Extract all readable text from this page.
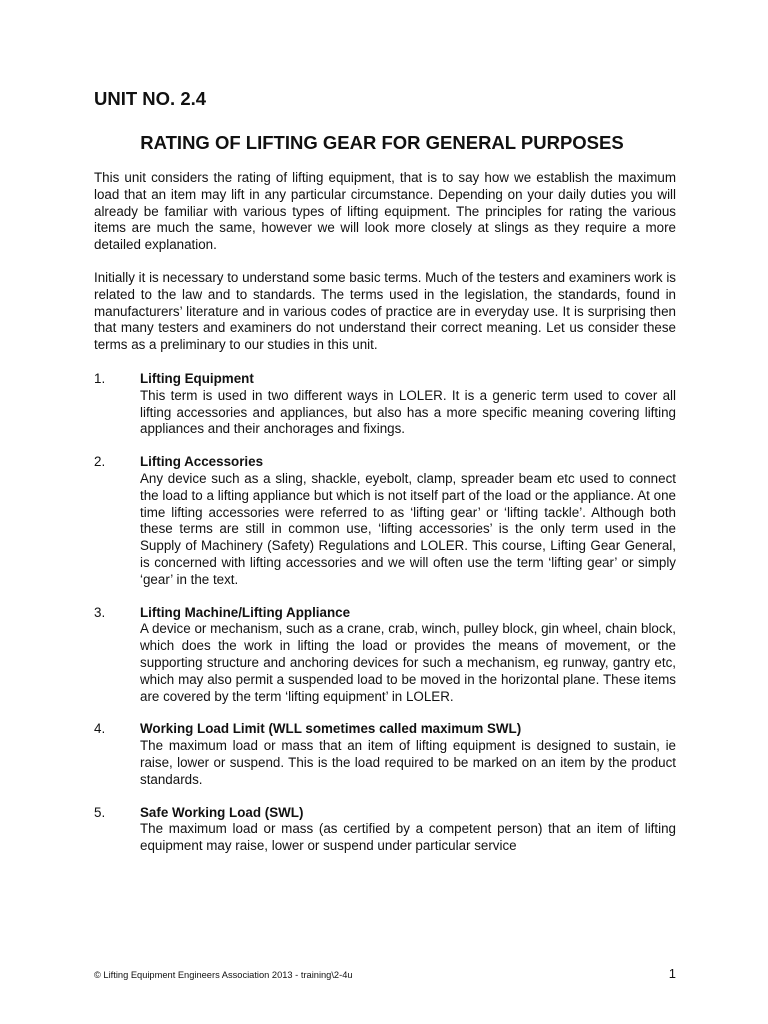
UNIT NO. 2.4
RATING OF LIFTING GEAR FOR GENERAL PURPOSES

This unit considers the rating of lifting equipment, that is to say how we establish the maximum load that an item may lift in any particular circumstance. Depending on your daily duties you will already be familiar with various types of lifting equipment. The principles for rating the various items are much the same, however we will look more closely at slings as they require a more detailed explanation.

Initially it is necessary to understand some basic terms. Much of the testers and examiners work is related to the law and to standards. The terms used in the legislation, the standards, found in manufacturers’ literature and in various codes of practice are in everyday use. It is surprising then that many testers and examiners do not understand their correct meaning. Let us consider these terms as a preliminary to our studies in this unit.

1.	Lifting Equipment
This term is used in two different ways in LOLER. It is a generic term used to cover all lifting accessories and appliances, but also has a more specific meaning covering lifting appliances and their anchorages and fixings.
2.	Lifting Accessories
Any device such as a sling, shackle, eyebolt, clamp, spreader beam etc used to connect the load to a lifting appliance but which is not itself part of the load or the appliance. At one time lifting accessories were referred to as ‘lifting gear’ or ‘lifting tackle’. Although both these terms are still in common use, ‘lifting accessories’ is the only term used in the Supply of Machinery (Safety) Regulations and LOLER. This course, Lifting Gear General, is concerned with lifting accessories and we will often use the term ‘lifting gear’ or simply ‘gear’ in the text.
3.	Lifting Machine/Lifting Appliance
A device or mechanism, such as a crane, crab, winch, pulley block, gin wheel, chain block, which does the work in lifting the load or provides the means of movement, or the supporting structure and anchoring devices for such a mechanism, eg runway, gantry etc, which may also permit a suspended load to be moved in the horizontal plane. These items are covered by the term ‘lifting equipment’ in LOLER.
4.	Working Load Limit (WLL sometimes called maximum SWL)
The maximum load or mass that an item of lifting equipment is designed to sustain, ie raise, lower or suspend. This is the load required to be marked on an item by the product standards.
5.	Safe Working Load (SWL)
The maximum load or mass (as certified by a competent person) that an item of lifting equipment may raise, lower or suspend under particular service
© Lifting Equipment Engineers Association 2013 - training\2-4u	1
